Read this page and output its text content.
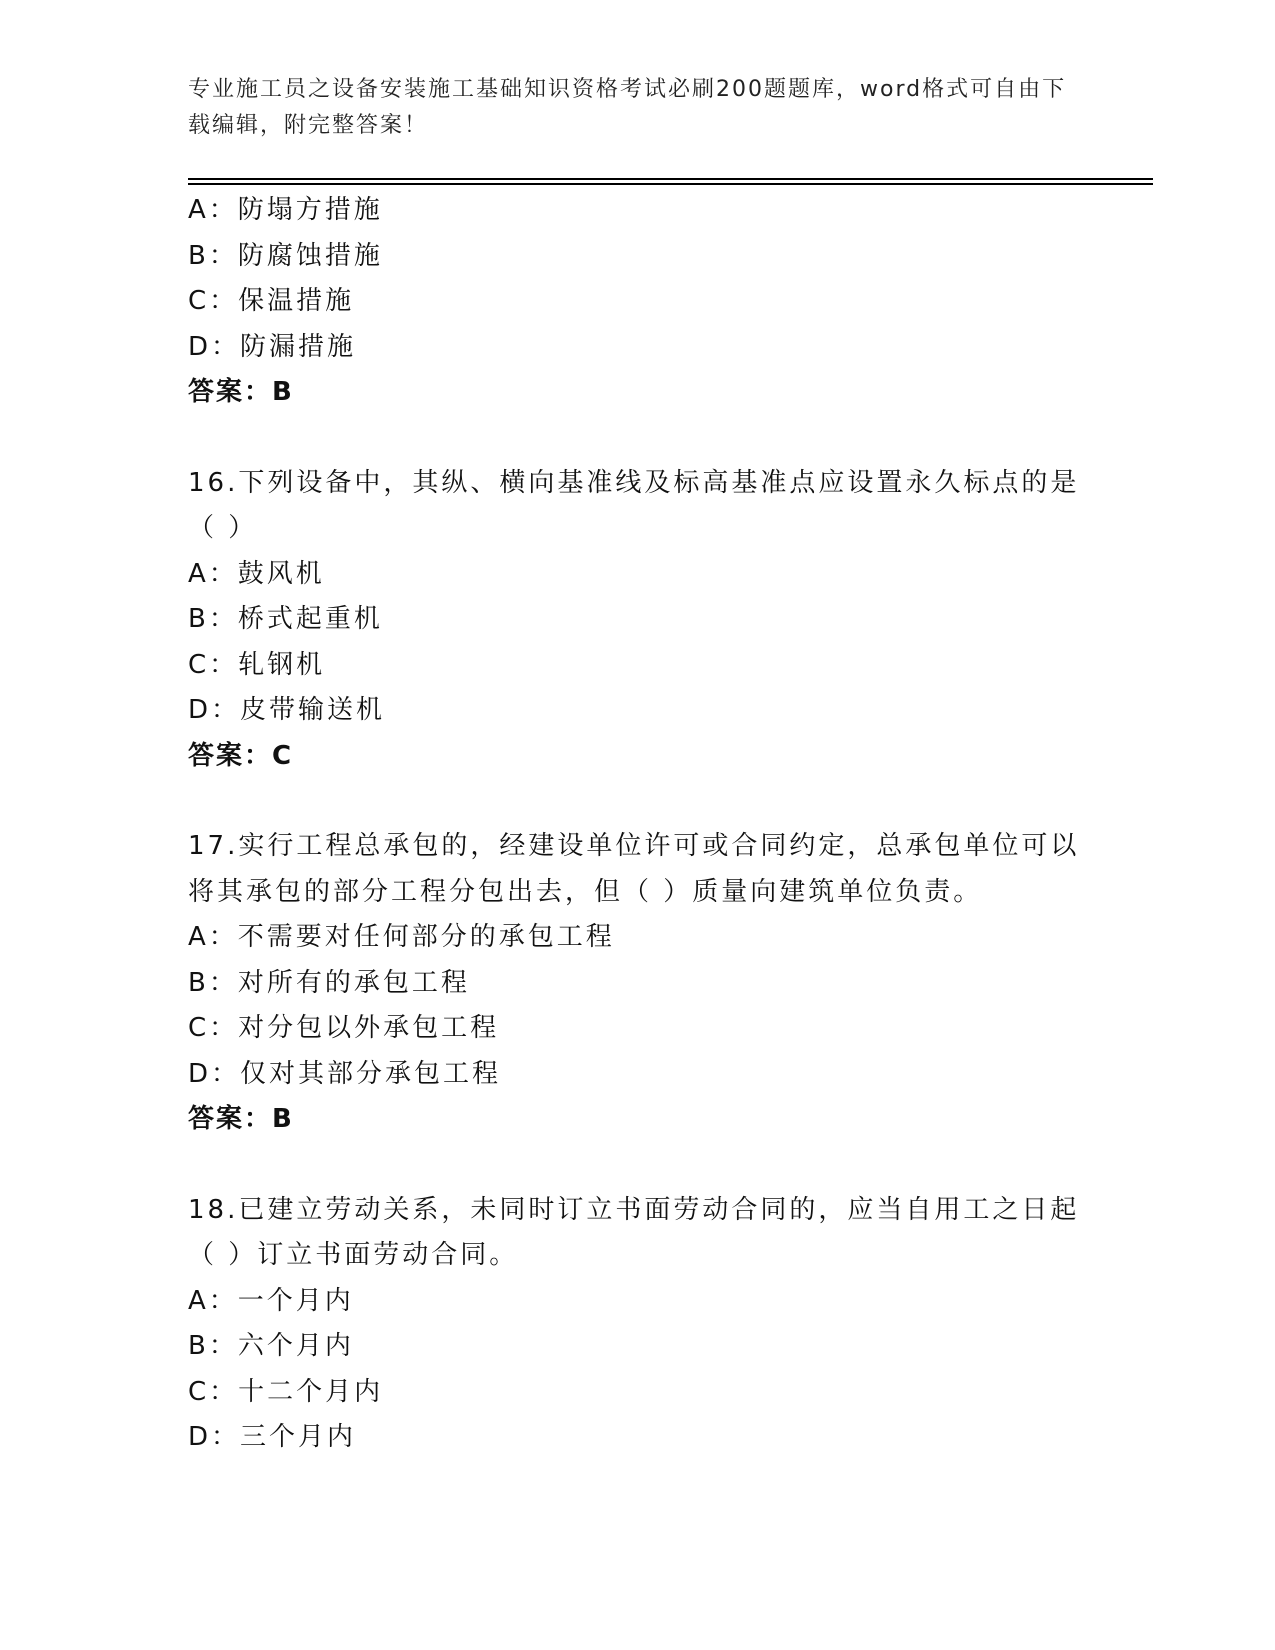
专业施工员之设备安装施工基础知识资格考试必刷200题题库，word格式可自由下载编辑，附完整答案！
A：防塌方措施
B：防腐蚀措施
C：保温措施
D：防漏措施
答案：B
16.下列设备中，其纵、横向基准线及标高基准点应设置永久标点的是（ ）
A：鼓风机
B：桥式起重机
C：轧钢机
D：皮带输送机
答案：C
17.实行工程总承包的，经建设单位许可或合同约定，总承包单位可以将其承包的部分工程分包出去，但（ ）质量向建筑单位负责。
A：不需要对任何部分的承包工程
B：对所有的承包工程
C：对分包以外承包工程
D：仅对其部分承包工程
答案：B
18.已建立劳动关系，未同时订立书面劳动合同的，应当自用工之日起（ ）订立书面劳动合同。
A：一个月内
B：六个月内
C：十二个月内
D：三个月内
